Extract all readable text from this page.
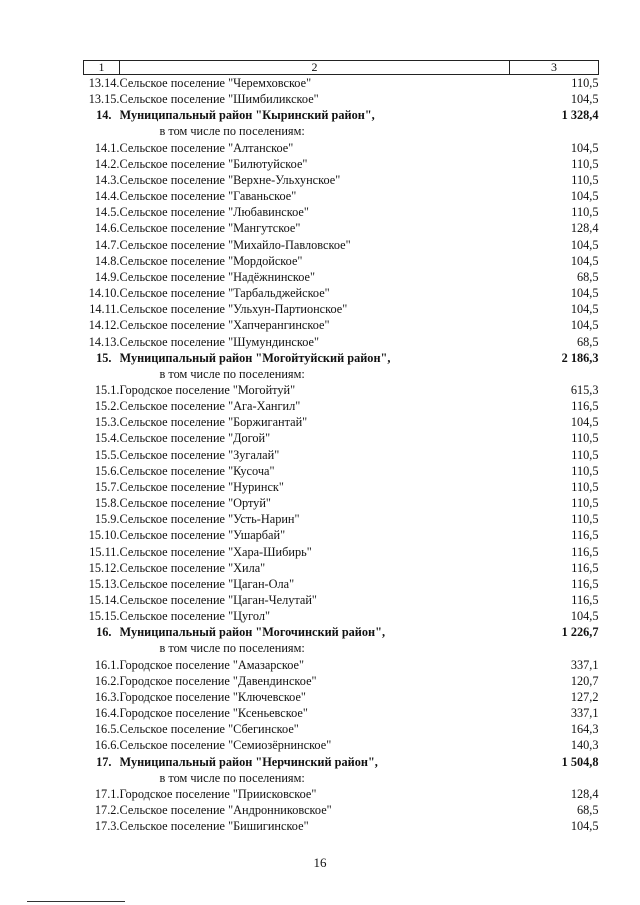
1	2	3
13.14.	Сельское поселение "Черемховское"	110,5
13.15.	Сельское поселение "Шимбиликское"	104,5
14.	Муниципальный район "Кыринский район",	1 328,4
	в том числе по поселениям:	
14.1.	Сельское поселение "Алтанское"	104,5
14.2.	Сельское поселение "Билютуйское"	110,5
14.3.	Сельское поселение "Верхне-Ульхунское"	110,5
14.4.	Сельское поселение "Гаваньское"	104,5
14.5.	Сельское поселение "Любавинское"	110,5
14.6.	Сельское поселение "Мангутское"	128,4
14.7.	Сельское поселение "Михайло-Павловское"	104,5
14.8.	Сельское поселение "Мордойское"	104,5
14.9.	Сельское поселение "Надёжнинское"	68,5
14.10.	Сельское поселение "Тарбальджейское"	104,5
14.11.	Сельское поселение "Ульхун-Партионское"	104,5
14.12.	Сельское поселение "Хапчерангинское"	104,5
14.13.	Сельское поселение "Шумундинское"	68,5
15.	Муниципальный район "Могойтуйский район",	2 186,3
	в том числе по поселениям:	
15.1.	Городское поселение "Могойтуй"	615,3
15.2.	Сельское поселение "Ага-Хангил"	116,5
15.3.	Сельское поселение "Боржигантай"	104,5
15.4.	Сельское поселение "Догой"	110,5
15.5.	Сельское поселение "Зугалай"	110,5
15.6.	Сельское поселение "Кусоча"	110,5
15.7.	Сельское поселение "Нуринск"	110,5
15.8.	Сельское поселение "Ортуй"	110,5
15.9.	Сельское поселение "Усть-Нарин"	110,5
15.10.	Сельское поселение "Ушарбай"	116,5
15.11.	Сельское поселение "Хара-Шибирь"	116,5
15.12.	Сельское поселение "Хила"	116,5
15.13.	Сельское поселение "Цаган-Ола"	116,5
15.14.	Сельское поселение "Цаган-Челутай"	116,5
15.15.	Сельское поселение "Цугол"	104,5
16.	Муниципальный район "Могочинский район",	1 226,7
	в том числе по поселениям:	
16.1.	Городское поселение "Амазарское"	337,1
16.2.	Городское поселение "Давендинское"	120,7
16.3.	Городское поселение "Ключевское"	127,2
16.4.	Городское поселение "Ксеньевское"	337,1
16.5.	Сельское поселение "Сбегинское"	164,3
16.6.	Сельское поселение "Семиозёрнинское"	140,3
17.	Муниципальный район "Нерчинский район",	1 504,8
	в том числе по поселениям:	
17.1.	Городское поселение "Приисковское"	128,4
17.2.	Сельское поселение "Андронниковское"	68,5
17.3.	Сельское поселение "Бишигинское"	104,5
16
